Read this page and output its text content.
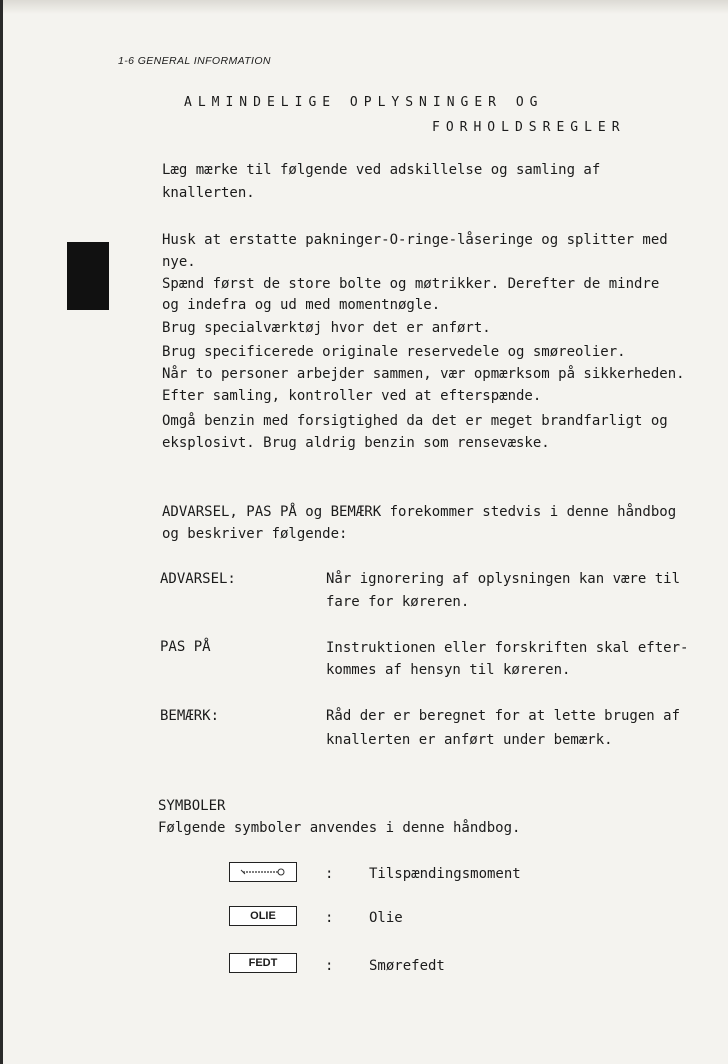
1-6 GENERAL INFORMATION
ALMINDELIGE OPLYSNINGER OG
FORHOLDSREGLER
Læg mærke til følgende ved adskillelse og samling af
knallerten.
Husk at erstatte pakninger-O-ringe-låseringe og splitter med
nye.
Spænd først de store bolte og møtrikker. Derefter de mindre
og indefra og ud med momentnøgle.
Brug specialværktøj hvor det er anført.
Brug specificerede originale reservedele og smøreolier.
Når to personer arbejder sammen, vær opmærksom på sikkerheden.
Efter samling, kontroller ved at efterspænde.
Omgå benzin med forsigtighed da det er meget brandfarligt og
eksplosivt. Brug aldrig benzin som rensevæske.
ADVARSEL, PAS PÅ og BEMÆRK forekommer stedvis i denne håndbog
og beskriver følgende:
ADVARSEL:	Når ignorering af oplysningen kan være til
fare for køreren.
PAS PÅ	Instruktionen eller forskriften skal efter-
kommes af hensyn til køreren.
BEMÆRK:	Råd der er beregnet for at lette brugen af
knallerten er anført under bemærk.
SYMBOLER
Følgende symboler anvendes i denne håndbog.
:	Tilspændingsmoment
OLIE	:	Olie
FEDT	:	Smørefedt
